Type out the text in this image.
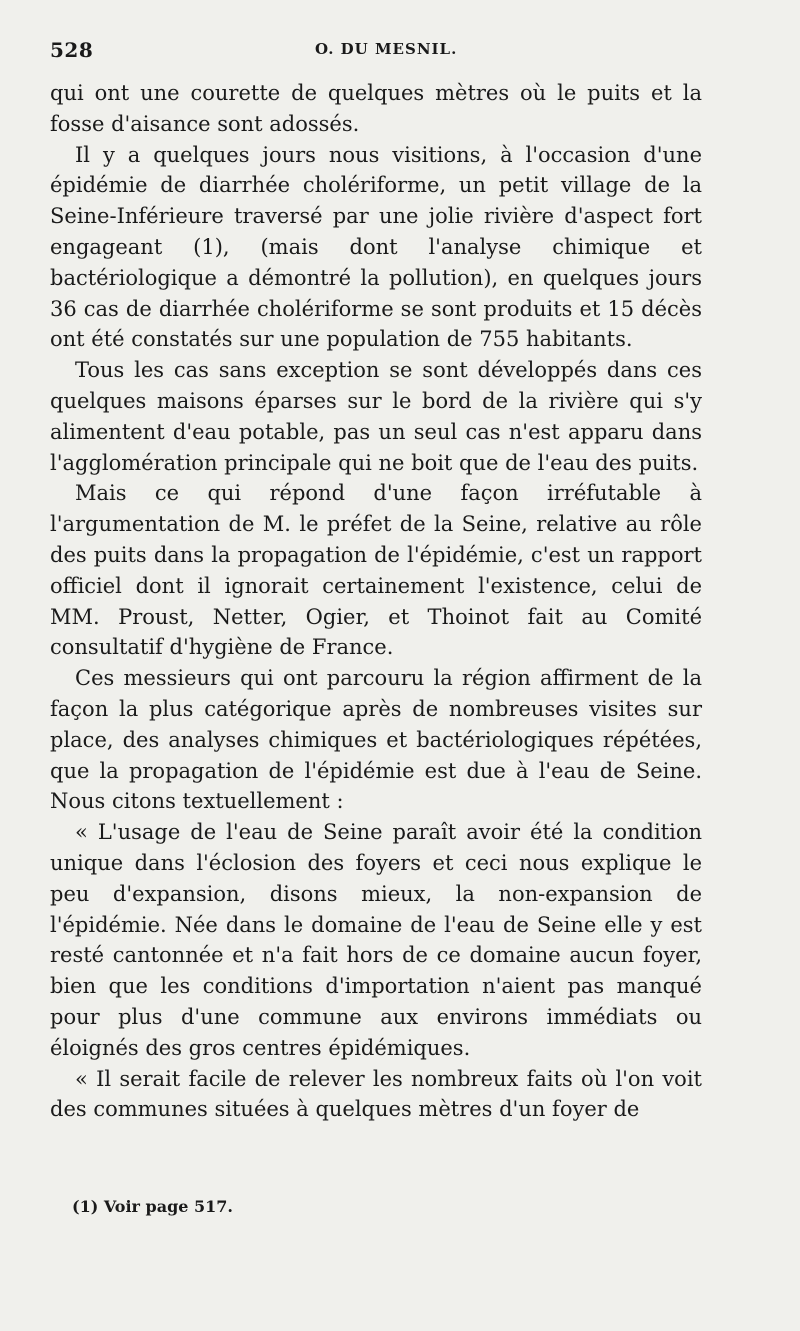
528	O. DU MESNIL.

qui ont une courette de quelques mètres où le puits et la fosse d'aisance sont adossés.

Il y a quelques jours nous visitions, à l'occasion d'une épidémie de diarrhée cholériforme, un petit village de la Seine-Inférieure traversé par une jolie rivière d'aspect fort engageant (1), (mais dont l'analyse chimique et bactériologique a démontré la pollution), en quelques jours 36 cas de diarrhée cholériforme se sont produits et 15 décès ont été constatés sur une population de 755 habitants.

Tous les cas sans exception se sont développés dans ces quelques maisons éparses sur le bord de la rivière qui s'y alimentent d'eau potable, pas un seul cas n'est apparu dans l'agglomération principale qui ne boit que de l'eau des puits.

Mais ce qui répond d'une façon irréfutable à l'argumentation de M. le préfet de la Seine, relative au rôle des puits dans la propagation de l'épidémie, c'est un rapport officiel dont il ignorait certainement l'existence, celui de MM. Proust, Netter, Ogier, et Thoinot fait au Comité consultatif d'hygiène de France.

Ces messieurs qui ont parcouru la région affirment de la façon la plus catégorique après de nombreuses visites sur place, des analyses chimiques et bactériologiques répétées, que la propagation de l'épidémie est due à l'eau de Seine. Nous citons textuellement :

« L'usage de l'eau de Seine paraît avoir été la condition unique dans l'éclosion des foyers et ceci nous explique le peu d'expansion, disons mieux, la non-expansion de l'épidémie. Née dans le domaine de l'eau de Seine elle y est resté cantonnée et n'a fait hors de ce domaine aucun foyer, bien que les conditions d'importation n'aient pas manqué pour plus d'une commune aux environs immédiats ou éloignés des gros centres épidémiques.

« Il serait facile de relever les nombreux faits où l'on voit des communes situées à quelques mètres d'un foyer de

(1) Voir page 517.
